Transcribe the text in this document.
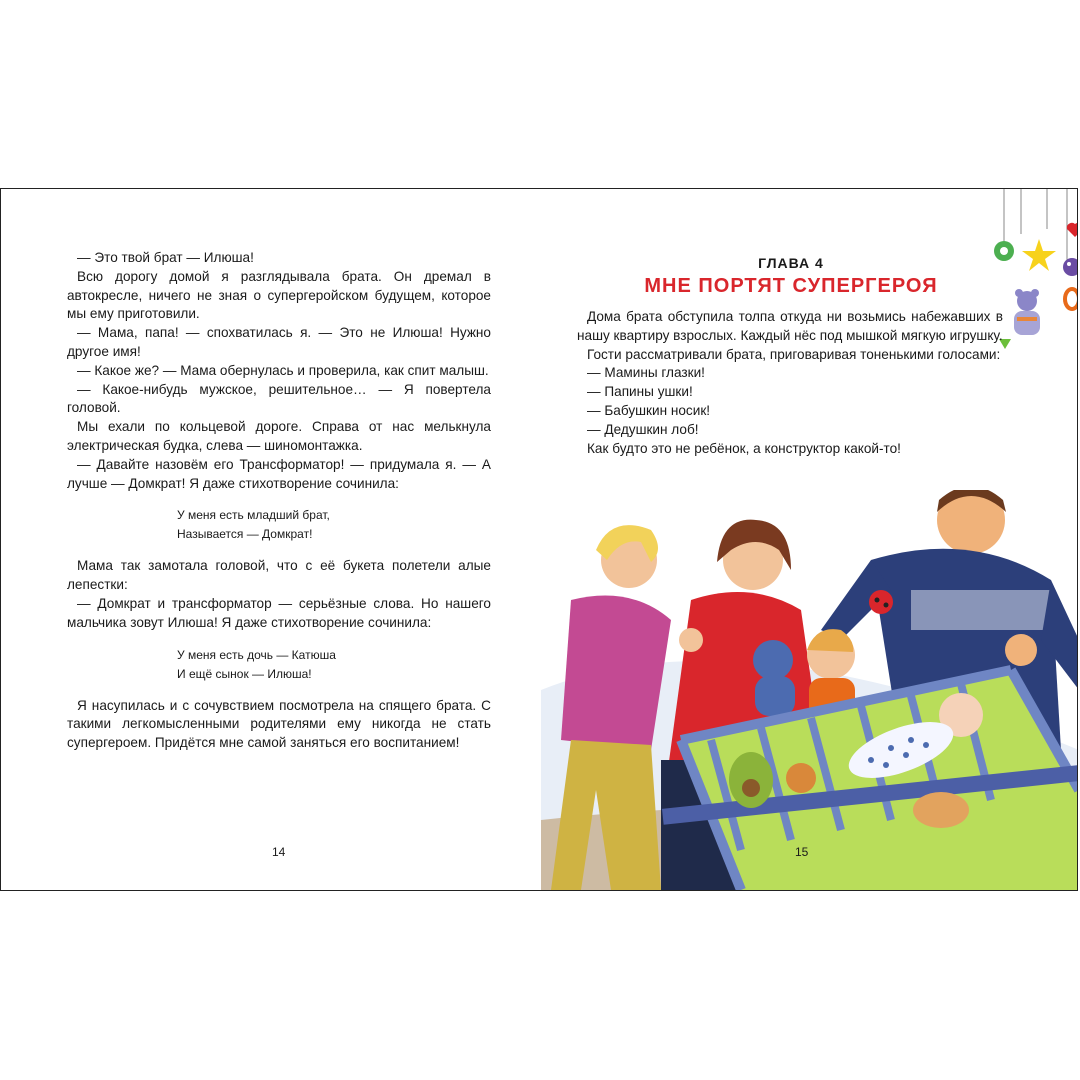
— Это твой брат — Илюша!

Всю дорогу домой я разглядывала брата. Он дремал в автокресле, ничего не зная о супергеройском будущем, которое мы ему приготовили.

— Мама, папа! — спохватилась я. — Это не Илюша! Нужно другое имя!

— Какое же? — Мама обернулась и проверила, как спит малыш.

— Какое-нибудь мужское, решительное… — Я повертела головой.

Мы ехали по кольцевой дороге. Справа от нас мелькнула электрическая будка, слева — шиномонтажка.

— Давайте назовём его Трансформатор! — придумала я. — А лучше — Домкрат! Я даже стихотворение сочинила:

У меня есть младший брат,
Называется — Домкрат!

Мама так замотала головой, что с её букета полетели алые лепестки:

— Домкрат и трансформатор — серьёзные слова. Но нашего мальчика зовут Илюша! Я даже стихотворение сочинила:

У меня есть дочь — Катюша
И ещё сынок — Илюша!

Я насупилась и с сочувствием посмотрела на спящего брата. С такими легкомысленными родителями ему никогда не стать супергероем. Придётся мне самой заняться его воспитанием!

14
ГЛАВА 4
МНЕ ПОРТЯТ СУПЕРГЕРОЯ

Дома брата обступила толпа откуда ни возьмись набежавших в нашу квартиру взрослых. Каждый нёс под мышкой мягкую игрушку.

Гости рассматривали брата, приговаривая тоненькими голосами:

— Мамины глазки!

— Папины ушки!

— Бабушкин носик!

— Дедушкин лоб!

Как будто это не ребёнок, а конструктор какой-то!

15
